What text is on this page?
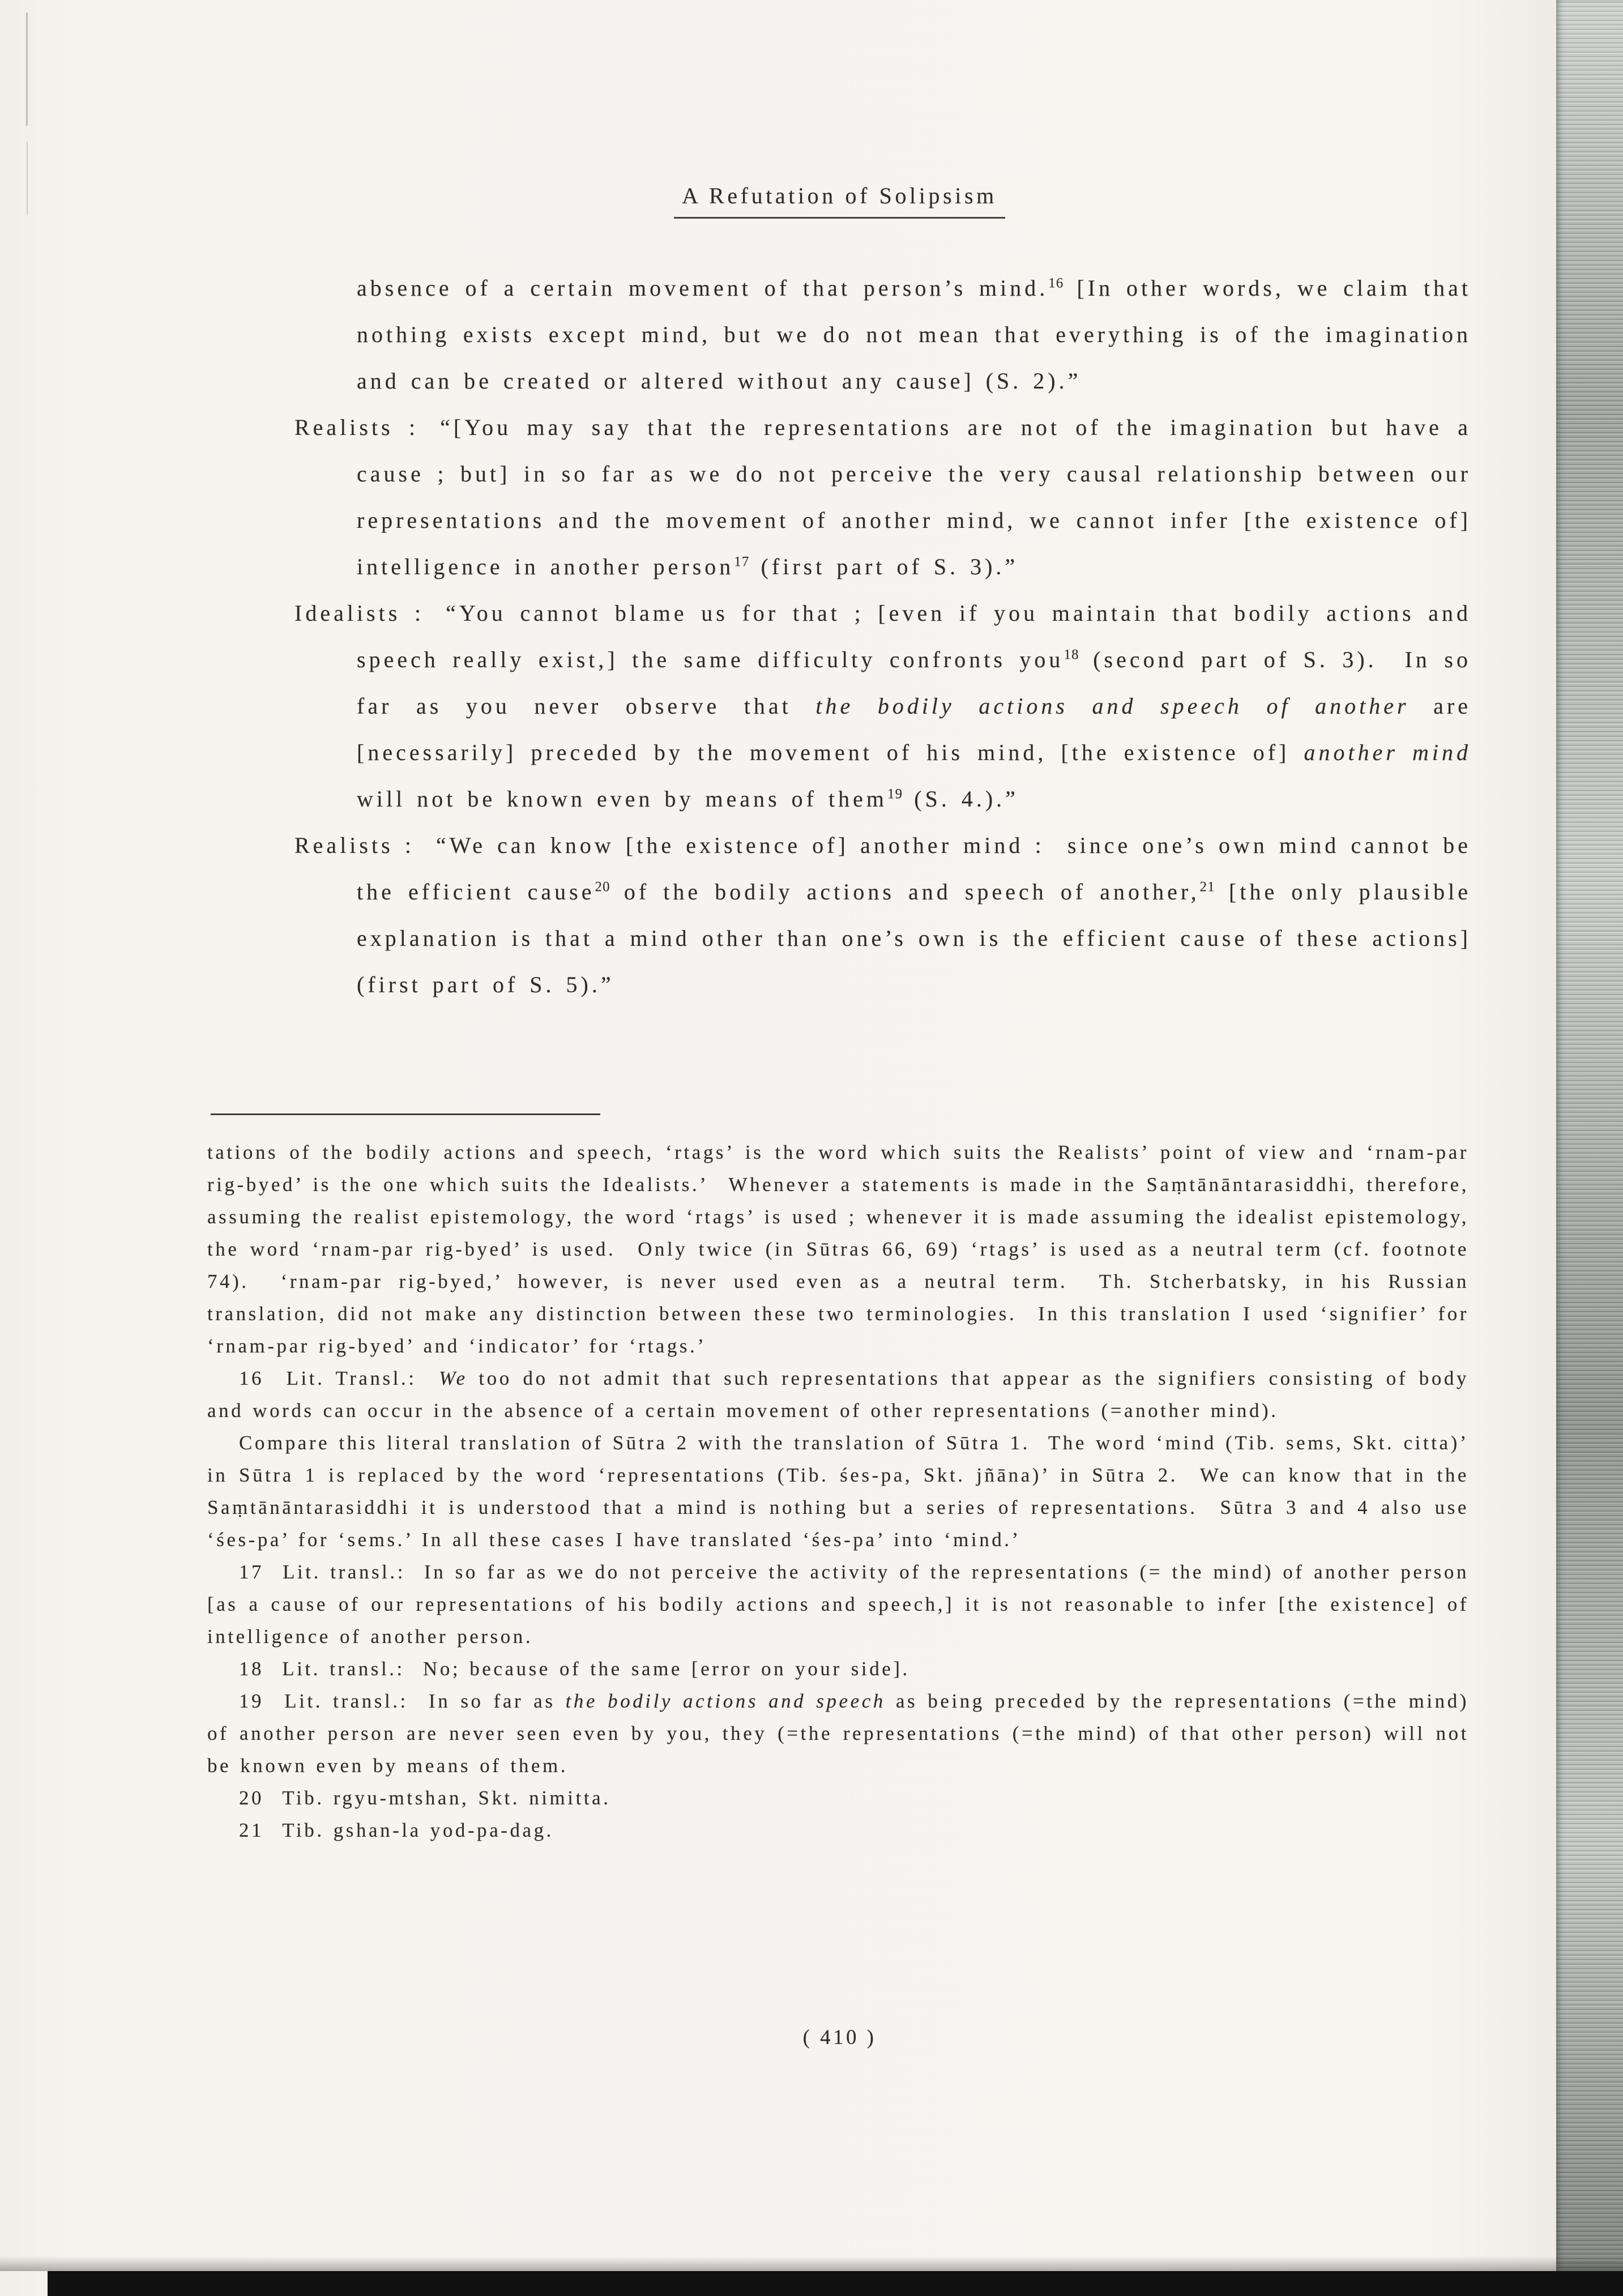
A Refutation of Solipsism

absence of a certain movement of that person’s mind.$^{16}$ [In other words, we claim that nothing exists except mind, but we do not mean that everything is of the imagination and can be created or altered without any cause] (S. 2).”

Realists : “[You may say that the representations are not of the imagination but have a cause ; but] in so far as we do not perceive the very causal relationship between our representations and the movement of another mind, we cannot infer [the existence of] intelligence in another person$^{17}$ (first part of S. 3).”

Idealists : “You cannot blame us for that ; [even if you maintain that bodily actions and speech really exist,] the same difficulty confronts you$^{18}$ (second part of S. 3).  In so far as you never observe that the bodily actions and speech of another are [necessarily] preceded by the movement of his mind, [the existence of] another mind will not be known even by means of them$^{19}$ (S. 4.).”

Realists : “We can know [the existence of] another mind :  since one’s own mind cannot be the efficient cause$^{20}$ of the bodily actions and speech of another,$^{21}$ [the only plausible explanation is that a mind other than one’s own is the efficient cause of these actions] (first part of S. 5).”

tations of the bodily actions and speech, ‘rtags’ is the word which suits the Realists’ point of view and ‘rnam-par rig-byed’ is the one which suits the Idealists.’  Whenever a statements is made in the Saṃtānāntarasiddhi, therefore, assuming the realist epistemology, the word ‘rtags’ is used ; whenever it is made assuming the idealist epistemology, the word ‘rnam-par rig-byed’ is used.  Only twice (in Sūtras 66, 69) ‘rtags’ is used as a neutral term (cf. footnote 74).  ‘rnam-par rig-byed,’ however, is never used even as a neutral term.  Th. Stcherbatsky, in his Russian translation, did not make any distinction between these two terminologies.  In this translation I used ‘signifier’ for ‘rnam-par rig-byed’ and ‘indicator’ for ‘rtags.’

16  Lit. Transl.:  We too do not admit that such representations that appear as the signifiers consisting of body and words can occur in the absence of a certain movement of other representations (=another mind).

Compare this literal translation of Sūtra 2 with the translation of Sūtra 1.  The word ‘mind (Tib. sems, Skt. citta)’ in Sūtra 1 is replaced by the word ‘representations (Tib. śes-pa, Skt. jñāna)’ in Sūtra 2.  We can know that in the Saṃtānāntarasiddhi it is understood that a mind is nothing but a series of representations.  Sūtra 3 and 4 also use ‘śes-pa’ for ‘sems.’ In all these cases I have translated ‘śes-pa’ into ‘mind.’

17  Lit. transl.:  In so far as we do not perceive the activity of the representations (= the mind) of another person [as a cause of our representations of his bodily actions and speech,] it is not reasonable to infer [the existence] of intelligence of another person.

18  Lit. transl.:  No; because of the same [error on your side].

19  Lit. transl.:  In so far as the bodily actions and speech as being preceded by the representations (=the mind) of another person are never seen even by you, they (=the representations (=the mind) of that other person) will not be known even by means of them.

20  Tib. rgyu-mtshan, Skt. nimitta.

21  Tib. gshan-la yod-pa-dag.

( 410 )
